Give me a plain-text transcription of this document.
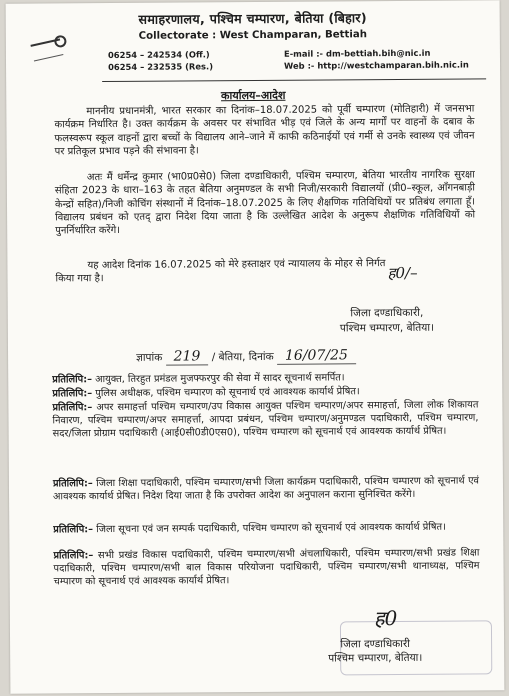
समाहरणालय, पश्चिम चम्पारण, बेतिया (बिहार)
Collectorate : West Champaran, Bettiah
06254 – 242534 (Off.)
06254 – 232535 (Res.)
E-mail :- dm-bettiah.bih@nic.in
Web :- http://westchamparan.bih.nic.in
कार्यालय–आदेश
माननीय प्रधानमंत्री, भारत सरकार का दिनांक–18.07.2025 को पूर्वी चम्पारण (मोतिहारी) में जनसभा कार्यक्रम निर्धारित है। उक्त कार्यक्रम के अवसर पर संभावित भीड़ एवं जिले के अन्य मार्गों पर वाहनों के दबाव के फलस्वरूप स्कूल वाहनों द्वारा बच्चों के विद्यालय आने–जाने में काफी कठिनाईयों एवं गर्मी से उनके स्वास्थ्य एवं जीवन पर प्रतिकूल प्रभाव पड़ने की संभावना है।
अतः मैं धर्मेन्द्र कुमार (भा0प्र0से0) जिला दण्डाधिकारी, पश्चिम चम्पारण, बेतिया भारतीय नागरिक सुरक्षा संहिता 2023 के धारा–163 के तहत बेतिया अनुमण्डल के सभी निजी/सरकारी विद्यालयों (प्री0–स्कूल, आँगनबाड़ी केन्द्रों सहित)/निजी कोचिंग संस्थानों में दिनांक–18.07.2025 के लिए शैक्षणिक गतिविधियों पर प्रतिबंध लगाता हूँ। विद्यालय प्रबंधन को एतद् द्वारा निदेश दिया जाता है कि उल्लेखित आदेश के अनुरूप शैक्षणिक गतिविधियों को पुनर्निर्धारित करेंगे।
यह आदेश दिनांक 16.07.2025 को मेरे हस्ताक्षर एवं न्यायालय के मोहर से निर्गत किया गया है।	ह0/–
जिला दण्डाधिकारी,
पश्चिम चम्पारण, बेतिया।
ज्ञापांक 219 / बेतिया, दिनांक 16/07/25
प्रतिलिपि:– आयुक्त, तिरहुत प्रमंडल मुजफ्फरपुर की सेवा में सादर सूचनार्थ समर्पित।
प्रतिलिपि:– पुलिस अधीक्षक, पश्चिम चम्पारण को सूचनार्थ एवं आवश्यक कार्यार्थ प्रेषित।
प्रतिलिपि:– अपर समाहर्त्ता पश्चिम चम्पारण/उप विकास आयुक्त पश्चिम चम्पारण/अपर समाहर्त्ता, जिला लोक शिकायत निवारण, पश्चिम चम्पारण/अपर समाहर्त्ता, आपदा प्रबंधन, पश्चिम चम्पारण/अनुमण्डल पदाधिकारी, पश्चिम चम्पारण, सदर/जिला प्रोग्राम पदाधिकारी (आई0सी0डी0एस0), पश्चिम चम्पारण को सूचनार्थ एवं आवश्यक कार्यार्थ प्रेषित।
प्रतिलिपि:– जिला शिक्षा पदाधिकारी, पश्चिम चम्पारण/सभी जिला कार्यक्रम पदाधिकारी, पश्चिम चम्पारण को सूचनार्थ एवं आवश्यक कार्यार्थ प्रेषित। निदेश दिया जाता है कि उपरोक्त आदेश का अनुपालन कराना सुनिश्चित करेंगे।
प्रतिलिपि:– जिला सूचना एवं जन सम्पर्क पदाधिकारी, पश्चिम चम्पारण को सूचनार्थ एवं आवश्यक कार्यार्थ प्रेषित।
प्रतिलिपि:– सभी प्रखंड विकास पदाधिकारी, पश्चिम चम्पारण/सभी अंचलाधिकारी, पश्चिम चम्पारण/सभी प्रखंड शिक्षा पदाधिकारी, पश्चिम चम्पारण/सभी बाल विकास परियोजना पदाधिकारी, पश्चिम चम्पारण/सभी थानाध्यक्ष, पश्चिम चम्पारण को सूचनार्थ एवं आवश्यक कार्यार्थ प्रेषित।
ह0
जिला दण्डाधिकारी
पश्चिम चम्पारण, बेतिया।
